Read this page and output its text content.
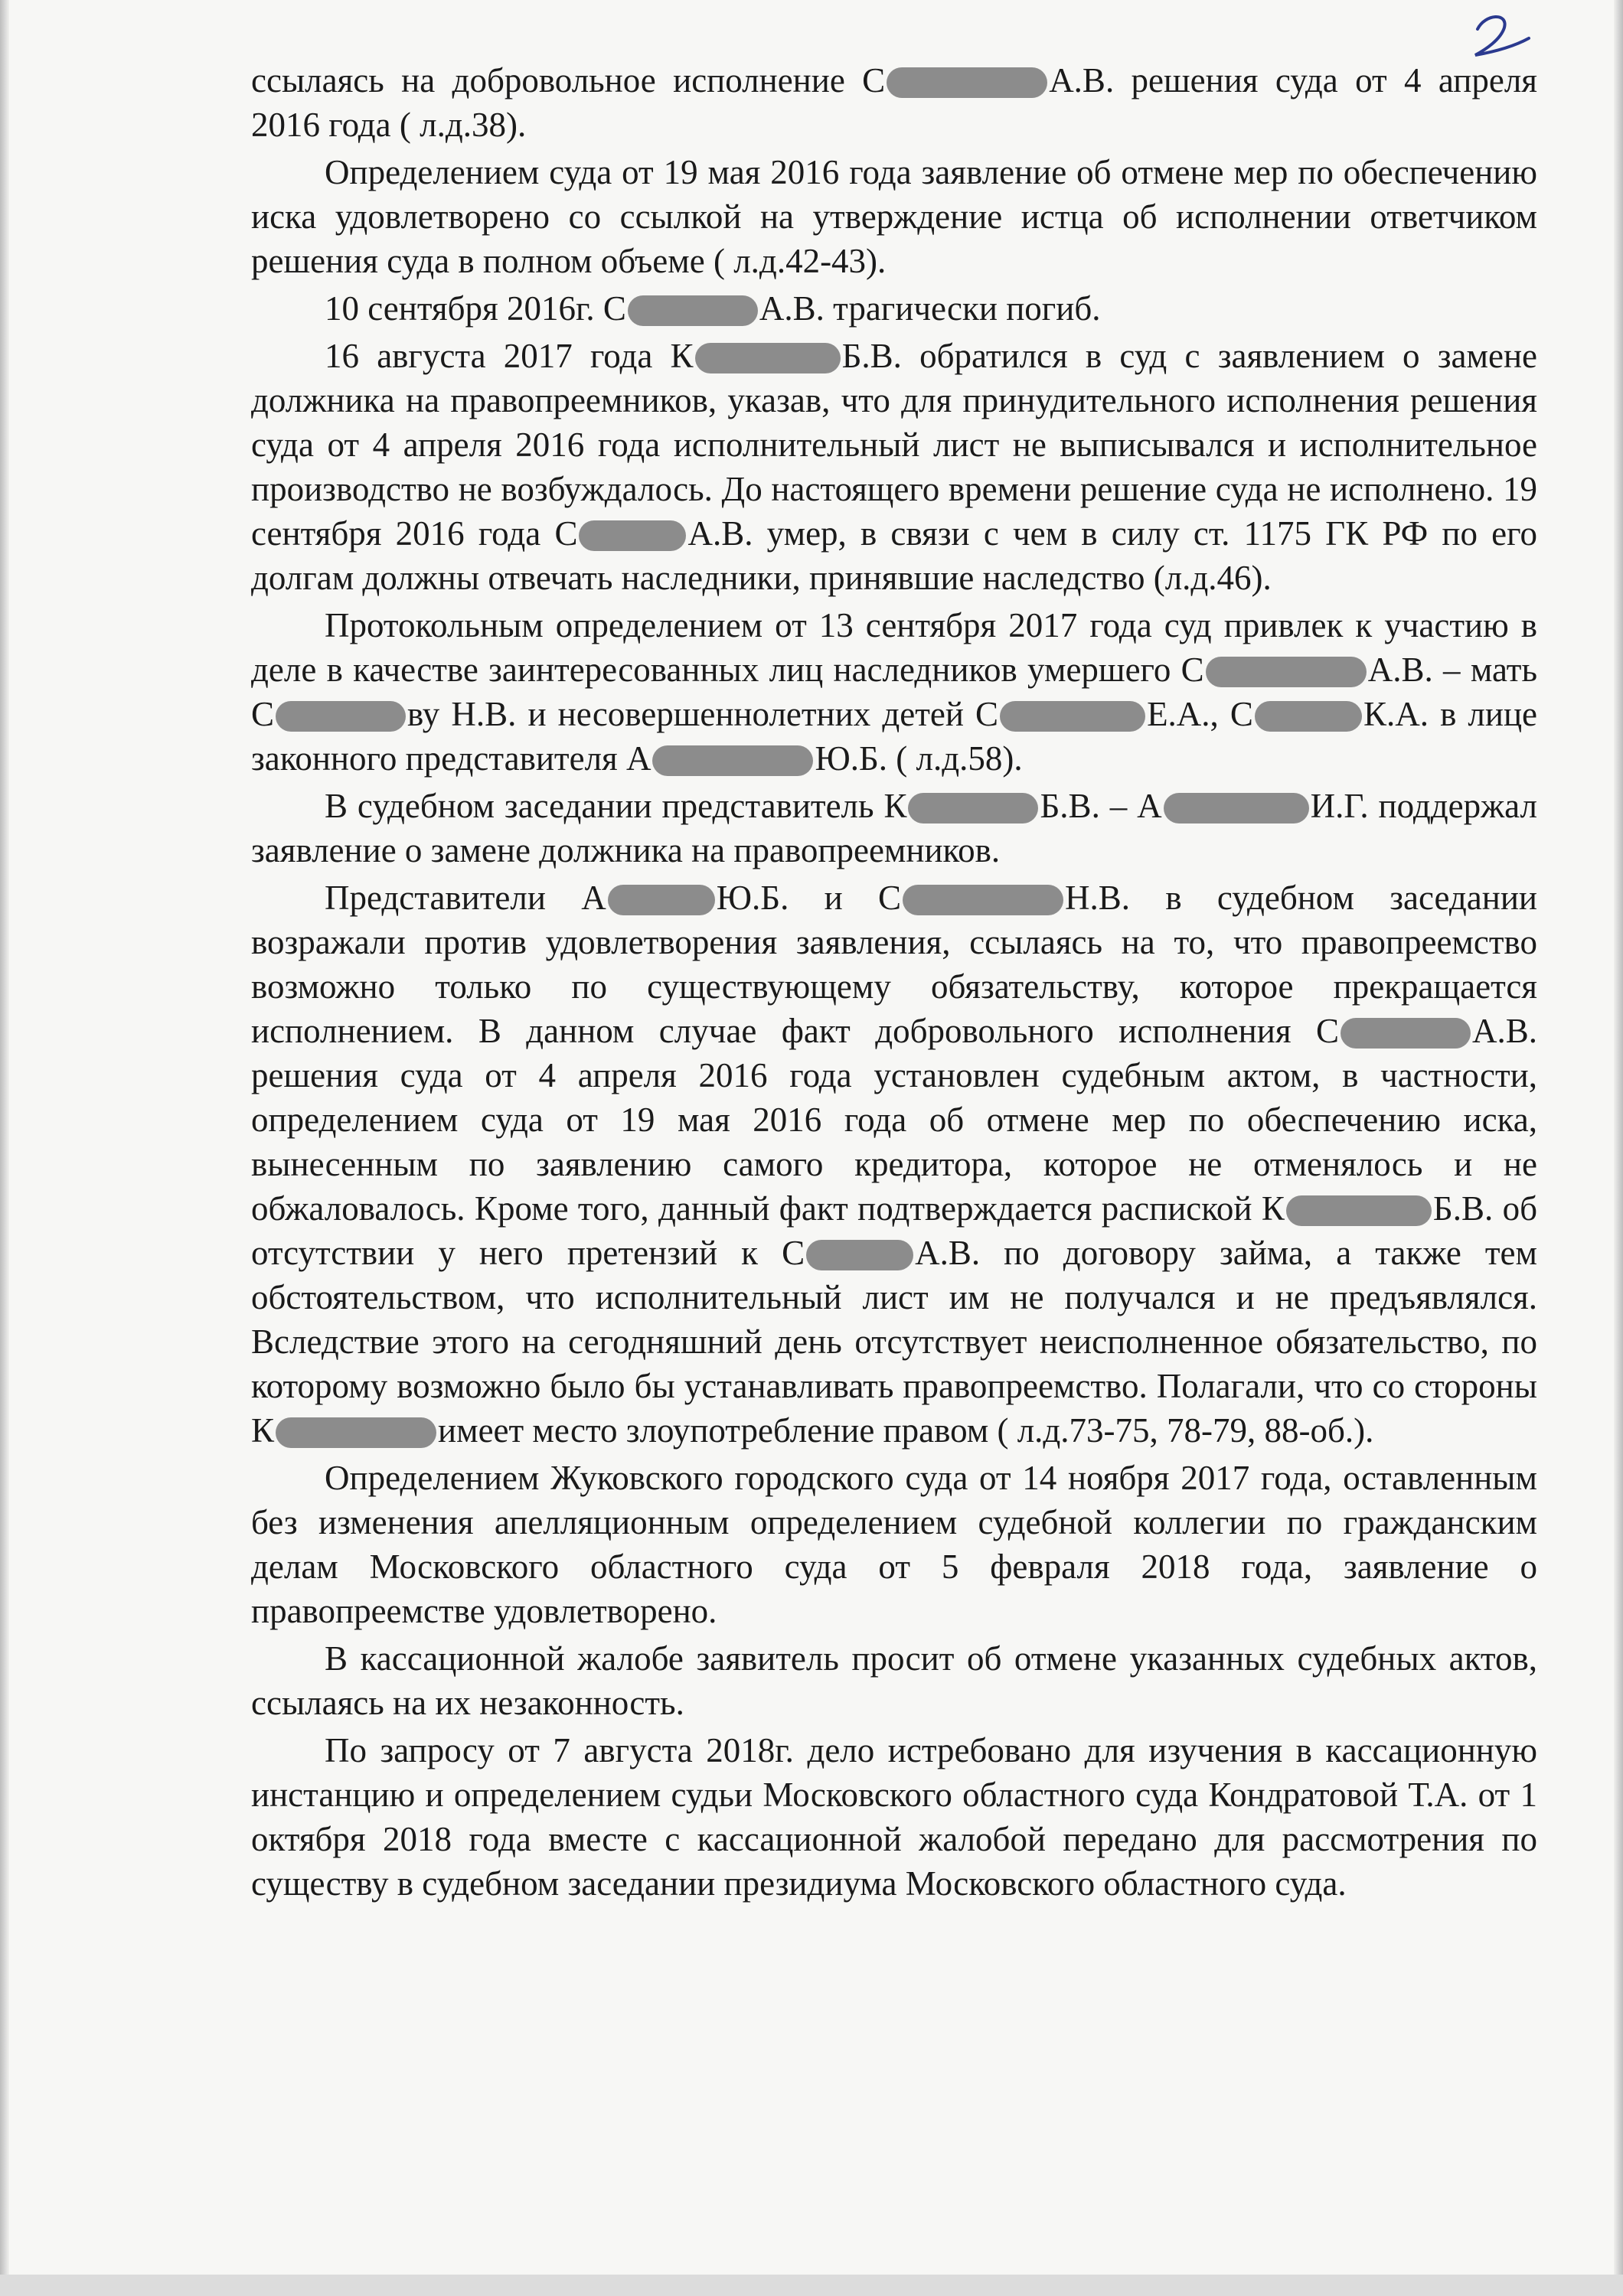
ссылаясь на добровольное исполнение С	А.В. решения суда от 4 апреля 2016 года ( л.д.38).

Определением суда от 19 мая 2016 года заявление об отмене мер по обеспечению иска удовлетворено со ссылкой на утверждение истца об исполнении ответчиком решения суда в полном объеме ( л.д.42-43).

10 сентября 2016г. С	А.В. трагически погиб.

16 августа 2017 года К	Б.В. обратился в суд с заявлением о замене должника на правопреемников, указав, что для принудительного исполнения решения суда от 4 апреля 2016 года исполнительный лист не выписывался и исполнительное производство не возбуждалось. До настоящего времени решение суда не исполнено. 19 сентября 2016 года С	А.В. умер, в связи с чем в силу ст. 1175 ГК РФ по его долгам должны отвечать наследники, принявшие наследство (л.д.46).

Протокольным определением от 13 сентября 2017 года суд привлек к участию в деле в качестве заинтересованных лиц наследников умершего С	А.В. – мать С	ву Н.В. и несовершеннолетних детей С	Е.А., С	К.А. в лице законного представителя А	Ю.Б. ( л.д.58).

В судебном заседании представитель К	Б.В. – А	И.Г. поддержал заявление о замене должника на правопреемников.

Представители А	Ю.Б. и С	Н.В. в судебном заседании возражали против удовлетворения заявления, ссылаясь на то, что правопреемство возможно только по существующему обязательству, которое прекращается исполнением. В данном случае факт добровольного исполнения С	А.В. решения суда от 4 апреля 2016 года установлен судебным актом, в частности, определением суда от 19 мая 2016 года об отмене мер по обеспечению иска, вынесенным по заявлению самого кредитора, которое не отменялось и не обжаловалось. Кроме того, данный факт подтверждается распиской К	Б.В. об отсутствии у него претензий к С	А.В. по договору займа, а также тем обстоятельством, что исполнительный лист им не получался и не предъявлялся. Вследствие этого на сегодняшний день отсутствует неисполненное обязательство, по которому возможно было бы устанавливать правопреемство. Полагали, что со стороны К	имеет место злоупотребление правом ( л.д.73-75, 78-79, 88-об.).

Определением Жуковского городского суда от 14 ноября 2017 года, оставленным без изменения апелляционным определением судебной коллегии по гражданским делам Московского областного суда от 5 февраля 2018 года, заявление о правопреемстве удовлетворено.

В кассационной жалобе заявитель просит об отмене указанных судебных актов, ссылаясь на их незаконность.

По запросу от 7 августа 2018г. дело истребовано для изучения в кассационную инстанцию и определением судьи Московского областного суда Кондратовой Т.А. от 1 октября 2018 года вместе с кассационной жалобой передано для рассмотрения по существу в судебном заседании президиума Московского областного суда.
